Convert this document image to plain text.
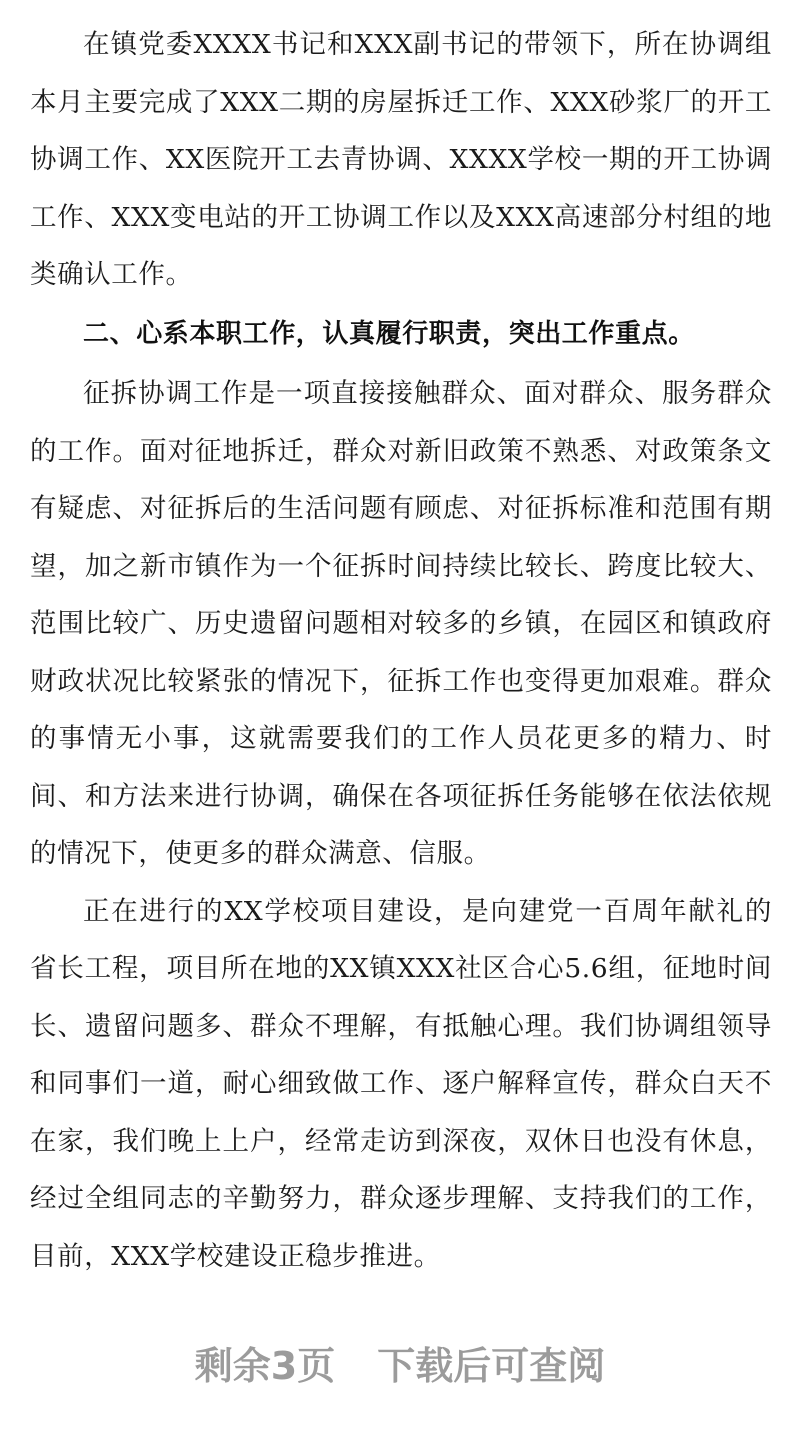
在镇党委XXXX书记和XXX副书记的带领下，所在协调组本月主要完成了XXX二期的房屋拆迁工作、XXX砂浆厂的开工协调工作、XX医院开工去青协调、XXXX学校一期的开工协调工作、XXX变电站的开工协调工作以及XXX高速部分村组的地类确认工作。

二、心系本职工作，认真履行职责，突出工作重点。

征拆协调工作是一项直接接触群众、面对群众、服务群众的工作。面对征地拆迁，群众对新旧政策不熟悉、对政策条文有疑虑、对征拆后的生活问题有顾虑、对征拆标准和范围有期望，加之新市镇作为一个征拆时间持续比较长、跨度比较大、范围比较广、历史遗留问题相对较多的乡镇，在园区和镇政府财政状况比较紧张的情况下，征拆工作也变得更加艰难。群众的事情无小事，这就需要我们的工作人员花更多的精力、时间、和方法来进行协调，确保在各项征拆任务能够在依法依规的情况下，使更多的群众满意、信服。

正在进行的XX学校项目建设，是向建党一百周年献礼的省长工程，项目所在地的XX镇XXX社区合心5.6组，征地时间长、遗留问题多、群众不理解，有抵触心理。我们协调组领导和同事们一道，耐心细致做工作、逐户解释宣传，群众白天不在家，我们晚上上户，经常走访到深夜，双休日也没有休息，经过全组同志的辛勤努力，群众逐步理解、支持我们的工作，目前，XXX学校建设正稳步推进。

剩余3页 下载后可查阅
